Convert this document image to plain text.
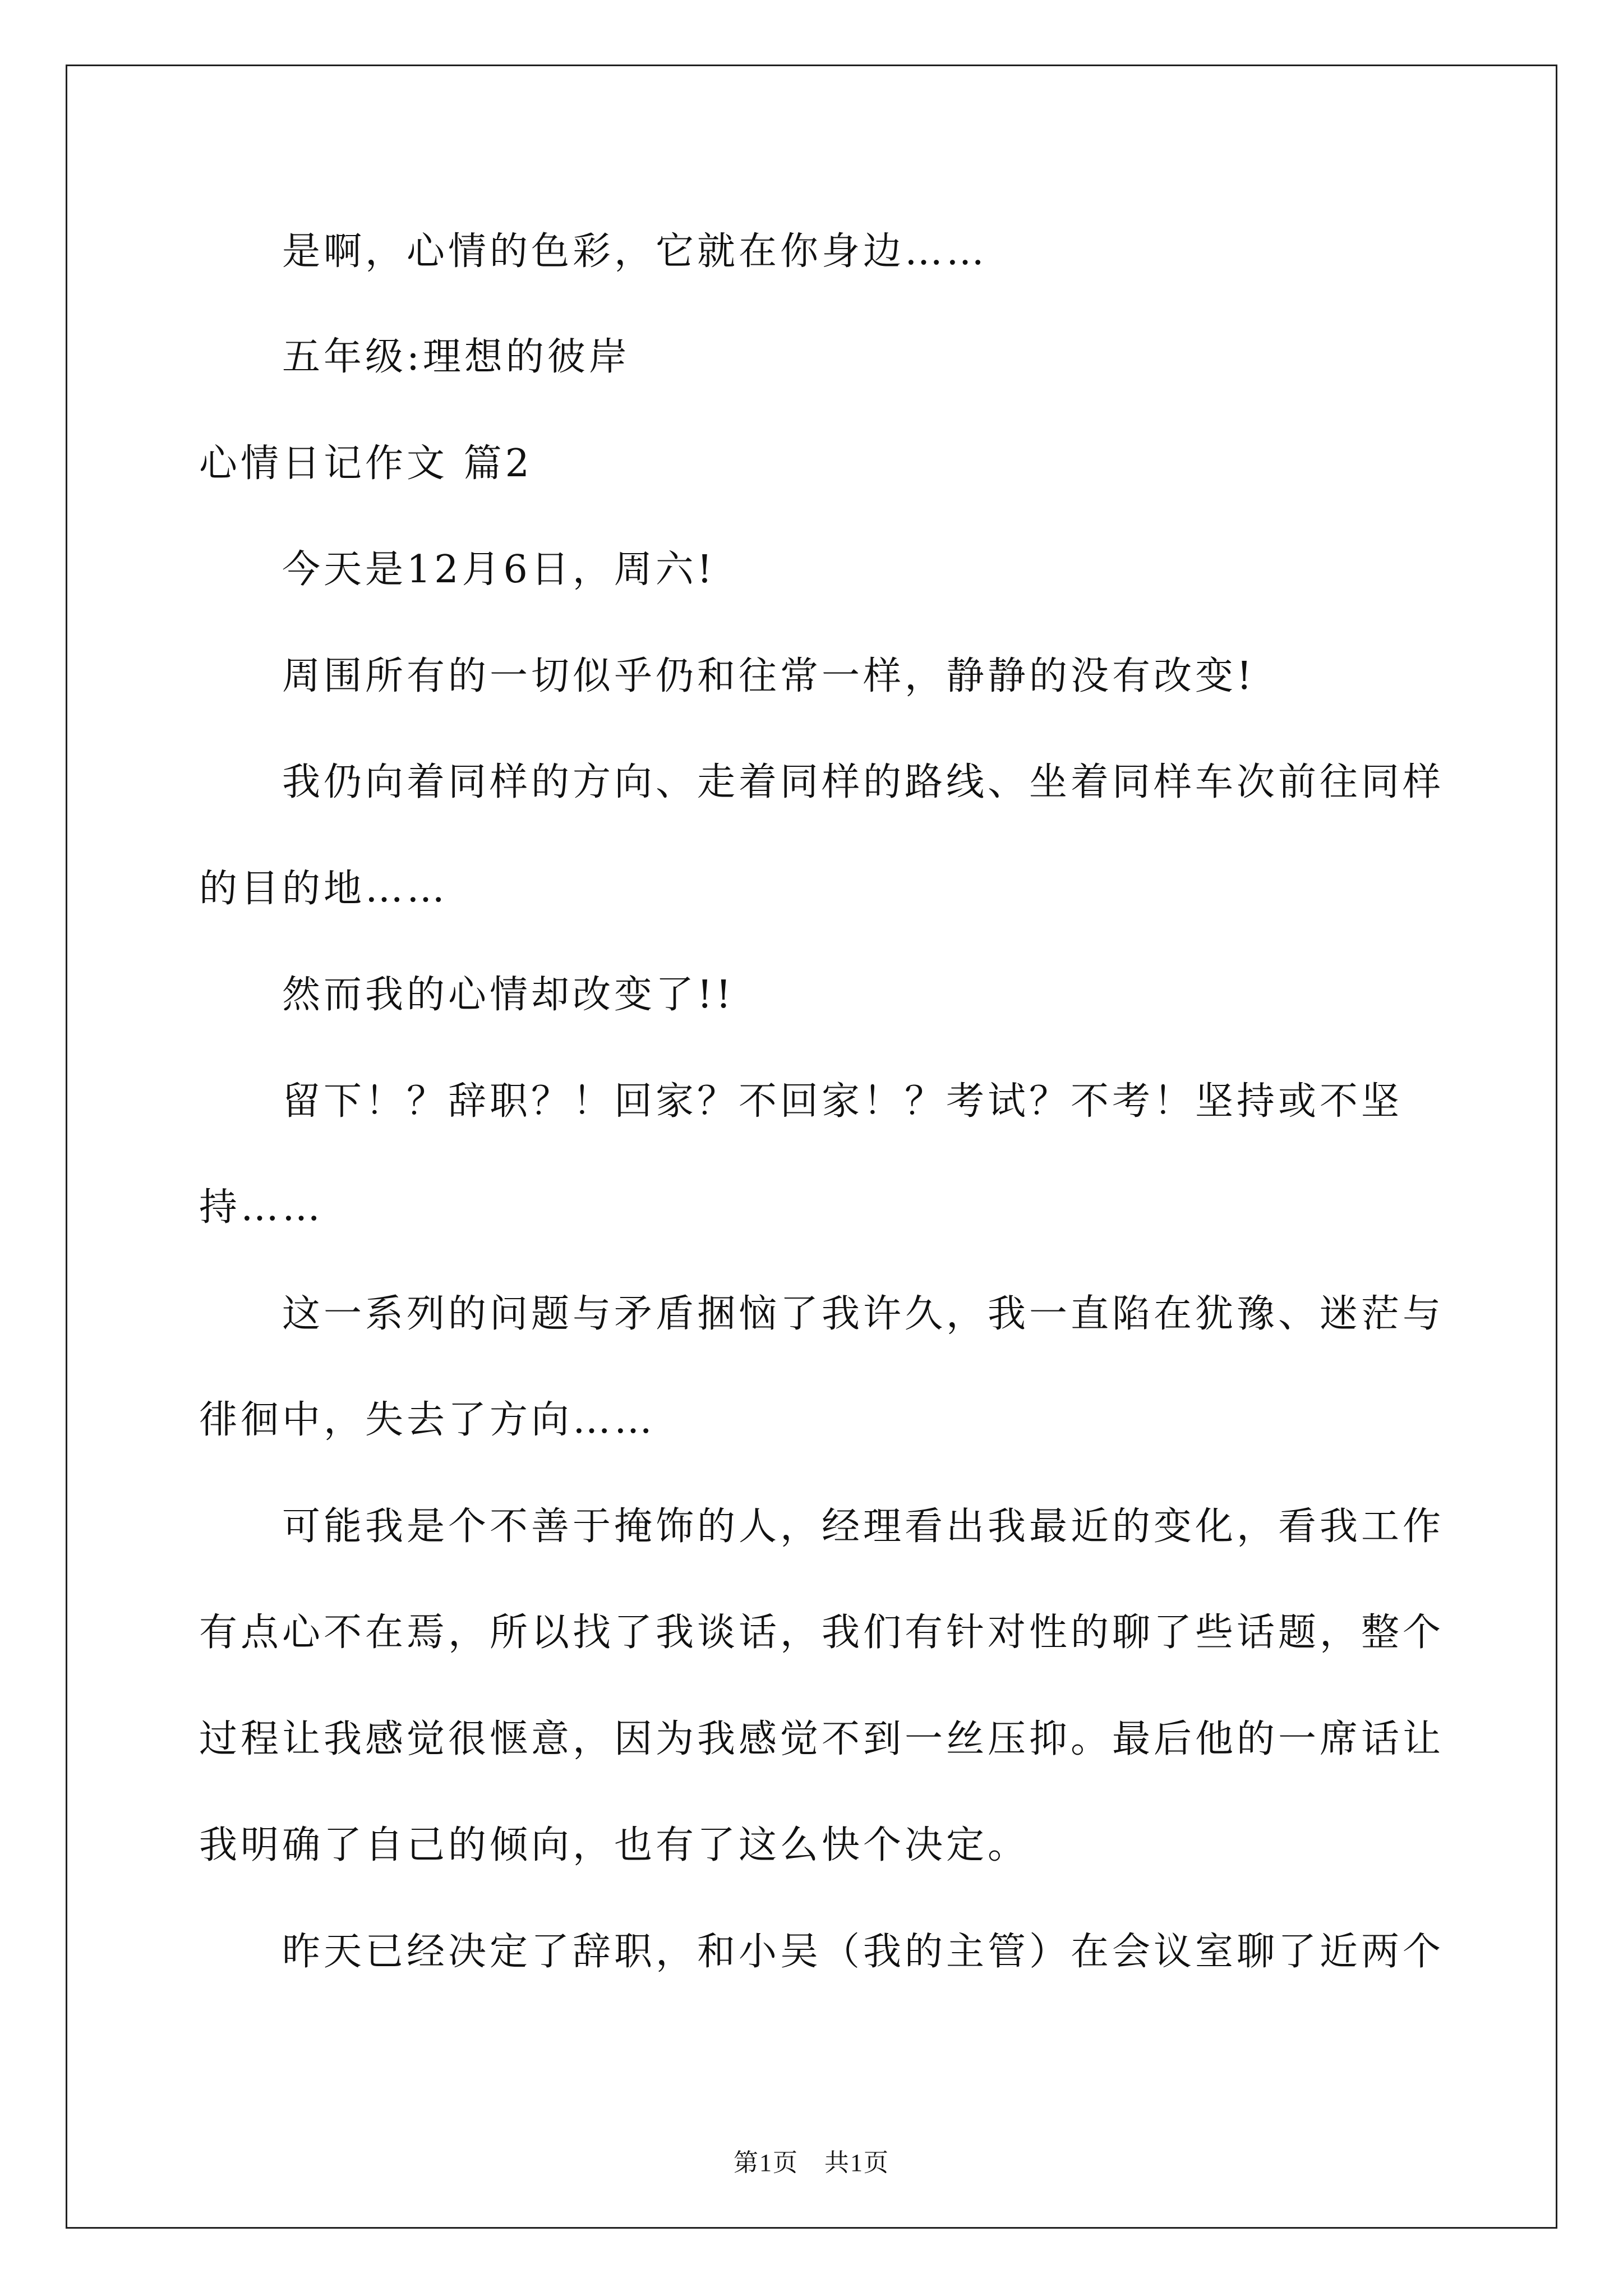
是啊，心情的色彩，它就在你身边……
五年级:理想的彼岸
心情日记作文 篇2
今天是12月6日，周六!
周围所有的一切似乎仍和往常一样，静静的没有改变!
我仍向着同样的方向、走着同样的路线、坐着同样车次前往同样
的目的地……
然而我的心情却改变了!!
留下！？辞职？！回家？不回家！？考试？不考！坚持或不坚
持……
这一系列的问题与矛盾捆恼了我许久，我一直陷在犹豫、迷茫与
徘徊中，失去了方向……
可能我是个不善于掩饰的人，经理看出我最近的变化，看我工作
有点心不在焉，所以找了我谈话，我们有针对性的聊了些话题，整个
过程让我感觉很惬意，因为我感觉不到一丝压抑。最后他的一席话让
我明确了自己的倾向，也有了这么快个决定。
昨天已经决定了辞职，和小吴（我的主管）在会议室聊了近两个
第1页　共1页
